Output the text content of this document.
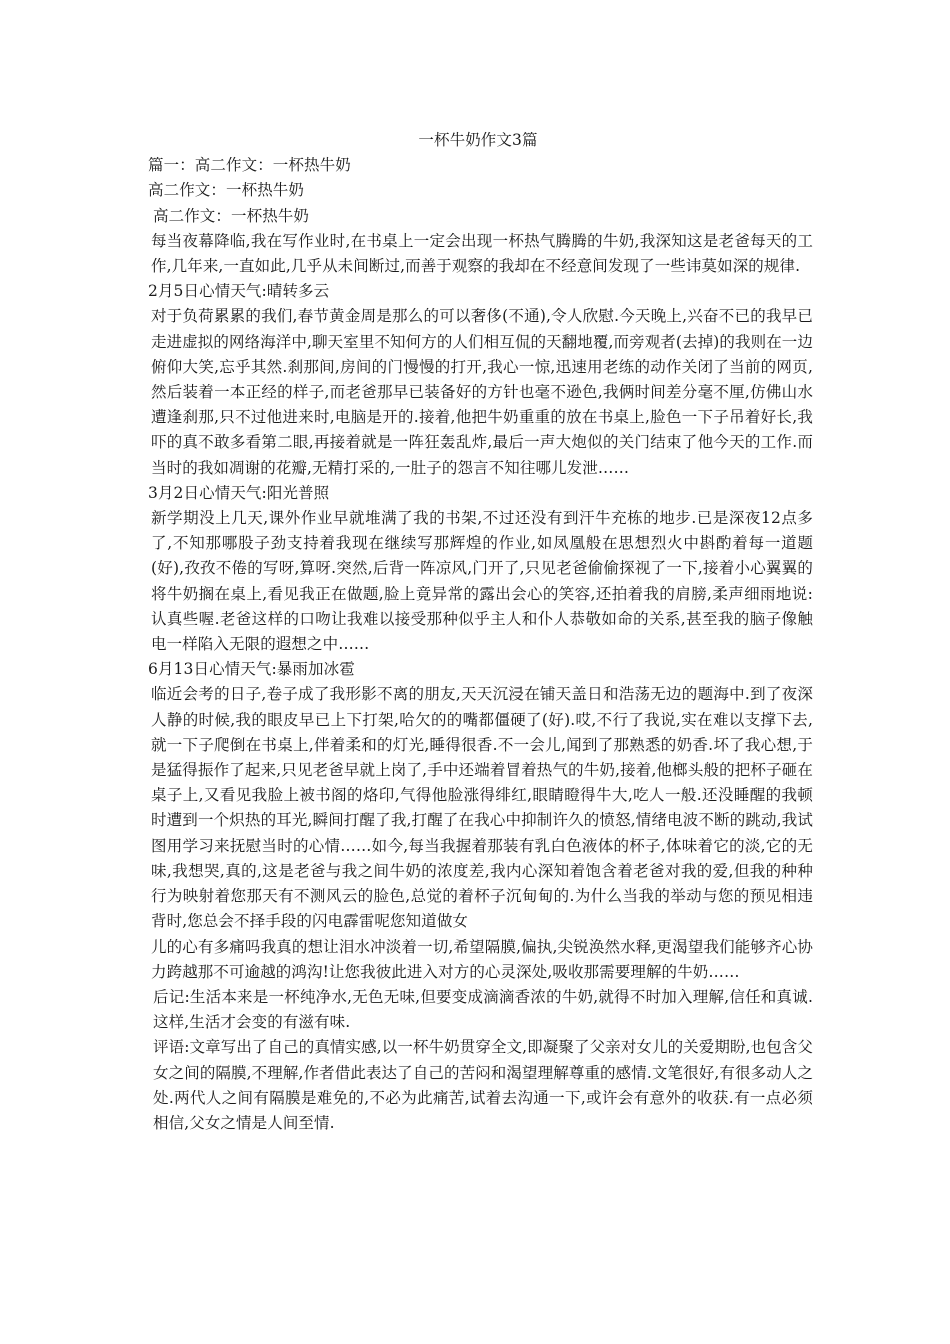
一杯牛奶作文3篇

篇一：高二作文：一杯热牛奶

高二作文：一杯热牛奶

高二作文：一杯热牛奶

每当夜幕降临,我在写作业时,在书桌上一定会出现一杯热气腾腾的牛奶,我深知这是老爸每天的工作,几年来,一直如此,几乎从未间断过,而善于观察的我却在不经意间发现了一些讳莫如深的规律.

2月5日心情天气:晴转多云

对于负荷累累的我们,春节黄金周是那么的可以奢侈(不通),令人欣慰.今天晚上,兴奋不已的我早已走进虚拟的网络海洋中,聊天室里不知何方的人们相互侃的天翻地覆,而旁观者(去掉)的我则在一边俯仰大笑,忘乎其然.刹那间,房间的门慢慢的打开,我心一惊,迅速用老练的动作关闭了当前的网页,然后装着一本正经的样子,而老爸那早已装备好的方针也毫不逊色,我俩时间差分毫不厘,仿佛山水遭逢刹那,只不过他进来时,电脑是开的.接着,他把牛奶重重的放在书桌上,脸色一下子吊着好长,我吓的真不敢多看第二眼,再接着就是一阵狂轰乱炸,最后一声大炮似的关门结束了他今天的工作.而当时的我如凋谢的花瓣,无精打采的,一肚子的怨言不知往哪儿发泄……

3月2日心情天气:阳光普照

新学期没上几天,课外作业早就堆满了我的书架,不过还没有到汗牛充栋的地步.已是深夜12点多了,不知那哪股子劲支持着我现在继续写那辉煌的作业,如凤凰般在思想烈火中斟酌着每一道题(好),孜孜不倦的写呀,算呀.突然,后背一阵凉风,门开了,只见老爸偷偷探视了一下,接着小心翼翼的将牛奶搁在桌上,看见我正在做题,脸上竟异常的露出会心的笑容,还拍着我的肩膀,柔声细雨地说:认真些喔.老爸这样的口吻让我难以接受那种似乎主人和仆人恭敬如命的关系,甚至我的脑子像触电一样陷入无限的遐想之中……

6月13日心情天气:暴雨加冰雹

临近会考的日子,卷子成了我形影不离的朋友,天天沉浸在铺天盖日和浩荡无边的题海中.到了夜深人静的时候,我的眼皮早已上下打架,哈欠的的嘴都僵硬了(好).哎,不行了我说,实在难以支撑下去,就一下子爬倒在书桌上,伴着柔和的灯光,睡得很香.不一会儿,闻到了那熟悉的奶香.坏了我心想,于是猛得振作了起来,只见老爸早就上岗了,手中还端着冒着热气的牛奶,接着,他榔头般的把杯子砸在桌子上,又看见我脸上被书阁的烙印,气得他脸涨得绯红,眼睛瞪得牛大,吃人一般.还没睡醒的我顿时遭到一个炽热的耳光,瞬间打醒了我,打醒了在我心中抑制许久的愤怒,情绪电波不断的跳动,我试图用学习来抚慰当时的心情……如今,每当我握着那装有乳白色液体的杯子,体味着它的淡,它的无味,我想哭,真的,这是老爸与我之间牛奶的浓度差,我内心深知着饱含着老爸对我的爱,但我的种种行为映射着您那天有不测风云的脸色,总觉的着杯子沉甸甸的.为什么当我的举动与您的预见相违背时,您总会不择手段的闪电霹雷呢您知道做女

儿的心有多痛吗我真的想让泪水冲淡着一切,希望隔膜,偏执,尖锐涣然水释,更渴望我们能够齐心协力跨越那不可逾越的鸿沟!让您我彼此进入对方的心灵深处,吸收那需要理解的牛奶……

后记:生活本来是一杯纯净水,无色无味,但要变成滴滴香浓的牛奶,就得不时加入理解,信任和真诚.这样,生活才会变的有滋有味.

评语:文章写出了自己的真情实感,以一杯牛奶贯穿全文,即凝聚了父亲对女儿的关爱期盼,也包含父女之间的隔膜,不理解,作者借此表达了自己的苦闷和渴望理解尊重的感情.文笔很好,有很多动人之处.两代人之间有隔膜是难免的,不必为此痛苦,试着去沟通一下,或许会有意外的收获.有一点必须相信,父女之情是人间至情.
